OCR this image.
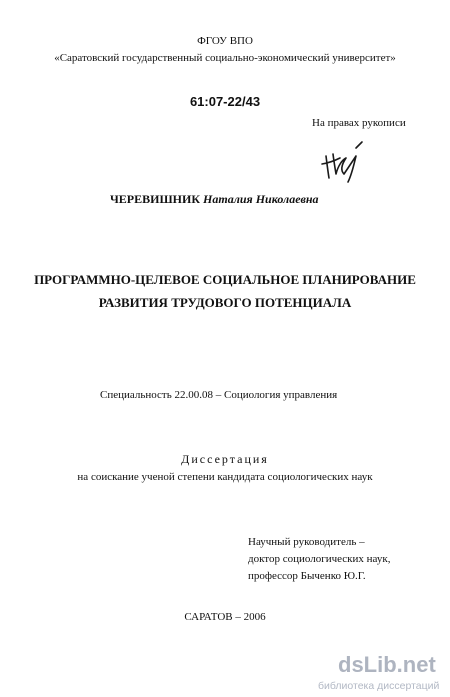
ФГОУ ВПО
«Саратовский государственный социально-экономический университет»
61:07-22/43
На правах рукописи
ЧЕРЕВИШНИК Наталия Николаевна
ПРОГРАММНО-ЦЕЛЕВОЕ СОЦИАЛЬНОЕ ПЛАНИРОВАНИЕ
РАЗВИТИЯ ТРУДОВОГО ПОТЕНЦИАЛА
Специальность 22.00.08 – Социология управления
Диссертация
на соискание ученой степени кандидата социологических наук
Научный руководитель –
доктор социологических наук,
профессор Быченко Ю.Г.
САРАТОВ – 2006
dsLib.net
библиотека диссертаций
